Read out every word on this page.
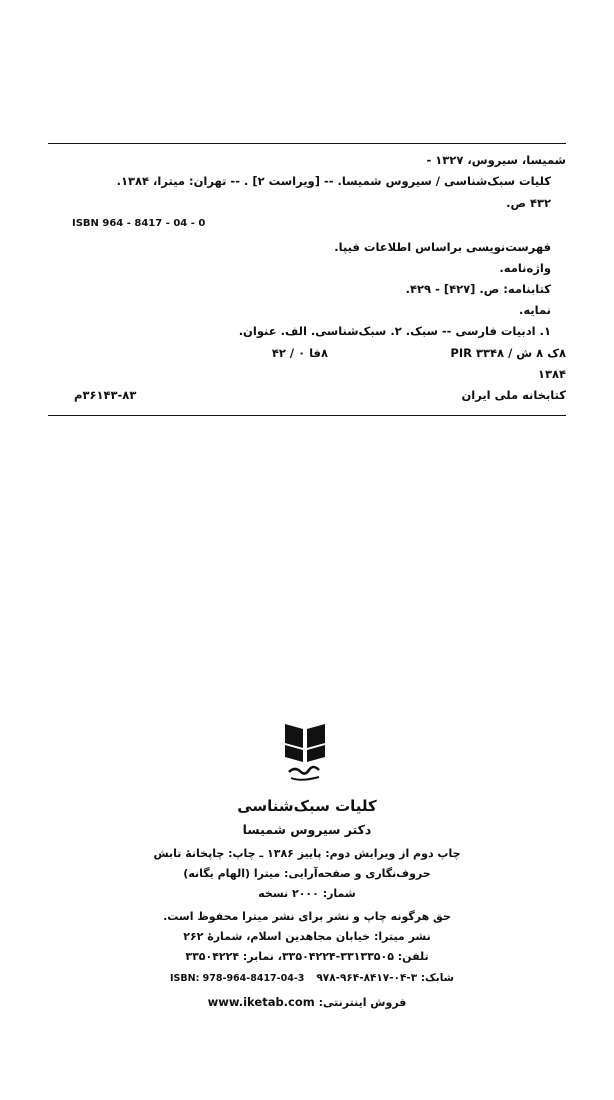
شمیسا، سیروس، ۱۳۲۷ -
کلیات سبک‌شناسی / سیروس شمیسا. -- [ویراست ۲] . -- تهران: میترا، ۱۳۸۴.
۴۳۲ ص.
ISBN 964 - 8417 - 04 - 0
فهرست‌نویسی براساس اطلاعات فیپا.
واژه‌نامه.
کتابنامه: ص. [۴۲۷] - ۴۲۹.
نمایه.
۱. ادبیات فارسی -- سبک. ۲. سبک‌شناسی. الف. عنوان.
۸ک ۸ ش / PIR ۳۳۴۸
۸فا ۰ / ۴۲
۱۳۸۴
کتابخانه ملی ایران
۳۶۱۴۳-۸۳م
کلیات سبک‌شناسی
دکتر سیروس شمیسا
چاپ دوم از ویرایش دوم: پاییز ۱۳۸۶ ـ چاپ: چاپخانهٔ تابش
حروف‌نگاری و صفحه‌آرایی: میترا (الهام یگانه)
شمار: ۲۰۰۰ نسخه
حق هرگونه چاپ و نشر برای نشر میترا محفوظ است.
نشر میترا: خیابان مجاهدین اسلام، شمارهٔ ۲۶۲
تلفن: ۳۳۱۳۳۵۰۵-۳۳۵۰۴۲۲۴، نمابر: ۳۳۵۰۴۲۲۴
ISBN: 978-964-8417-04-3 شابک: ۳-۰۴-۸۴۱۷-۹۶۴-۹۷۸
فروش اینترنتی: www.iketab.com
